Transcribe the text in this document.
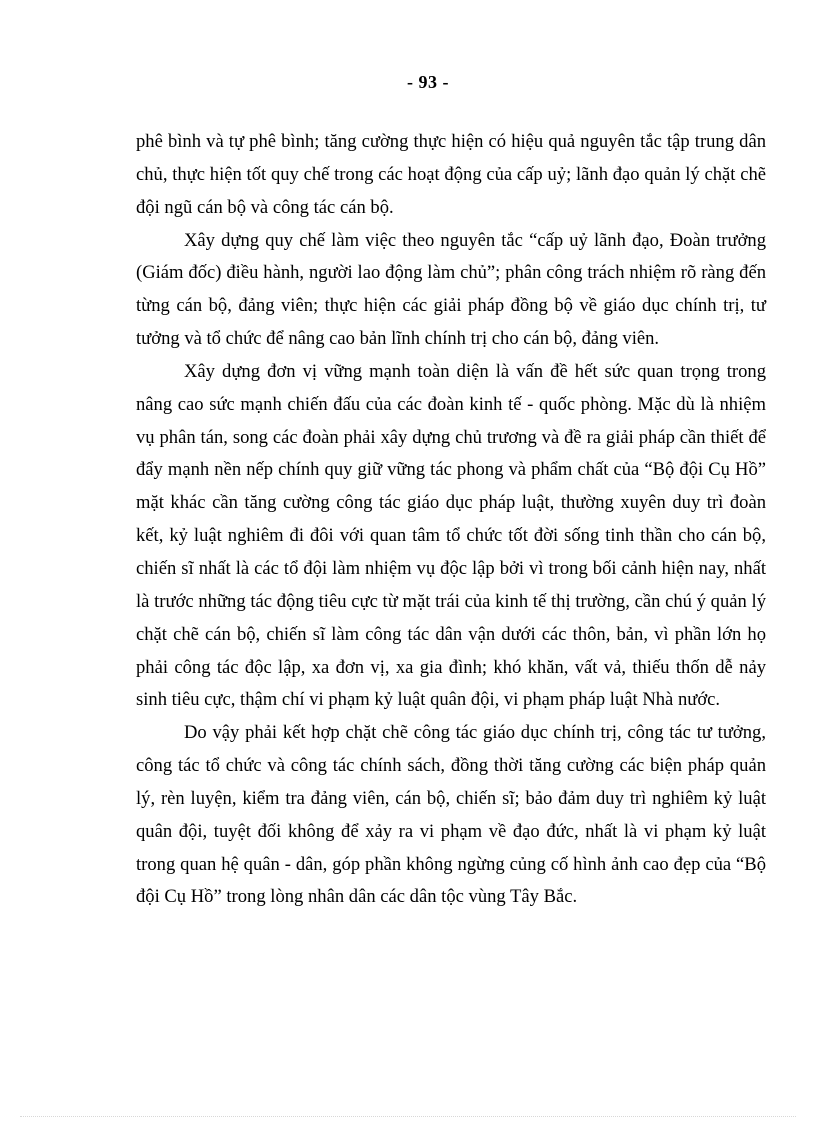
- 93 -

phê bình và tự phê bình; tăng cường thực hiện có hiệu quả nguyên tắc tập trung dân chủ, thực hiện tốt quy chế trong các hoạt động của cấp uỷ; lãnh đạo quản lý chặt chẽ đội ngũ cán bộ và công tác cán bộ.

Xây dựng quy chế làm việc theo nguyên tắc “cấp uỷ lãnh đạo, Đoàn trưởng (Giám đốc) điều hành, người lao động làm chủ”; phân công trách nhiệm rõ ràng đến từng cán bộ, đảng viên; thực hiện các giải pháp đồng bộ về giáo dục chính trị, tư tưởng và tổ chức để nâng cao bản lĩnh chính trị cho cán bộ, đảng viên.

Xây dựng đơn vị vững mạnh toàn diện là vấn đề hết sức quan trọng trong nâng cao sức mạnh chiến đấu của các đoàn kinh tế - quốc phòng. Mặc dù là nhiệm vụ phân tán, song các đoàn phải xây dựng chủ trương và đề ra giải pháp cần thiết để đẩy mạnh nền nếp chính quy giữ vững tác phong và phẩm chất của “Bộ đội Cụ Hồ” mặt khác cần tăng cường công tác giáo dục pháp luật, thường xuyên duy trì đoàn kết, kỷ luật nghiêm đi đôi với quan tâm tổ chức tốt đời sống tinh thần cho cán bộ, chiến sĩ nhất là các tổ đội làm nhiệm vụ độc lập bởi vì trong bối cảnh hiện nay, nhất là trước những tác động tiêu cực từ mặt trái của kinh tế thị trường, cần chú ý quản lý chặt chẽ cán bộ, chiến sĩ làm công tác dân vận dưới các thôn, bản, vì phần lớn họ phải công tác độc lập, xa đơn vị, xa gia đình; khó khăn, vất vả, thiếu thốn dễ nảy sinh tiêu cực, thậm chí vi phạm kỷ luật quân đội, vi phạm pháp luật Nhà nước.

Do vậy phải kết hợp chặt chẽ công tác giáo dục chính trị, công tác tư tưởng, công tác tổ chức và công tác chính sách, đồng thời tăng cường các biện pháp quản lý, rèn luyện, kiểm tra đảng viên, cán bộ, chiến sĩ; bảo đảm duy trì nghiêm kỷ luật quân đội, tuyệt đối không để xảy ra vi phạm về đạo đức, nhất là vi phạm kỷ luật trong quan hệ quân - dân, góp phần không ngừng củng cố hình ảnh cao đẹp của “Bộ đội Cụ Hồ” trong lòng nhân dân các dân tộc vùng Tây Bắc.
